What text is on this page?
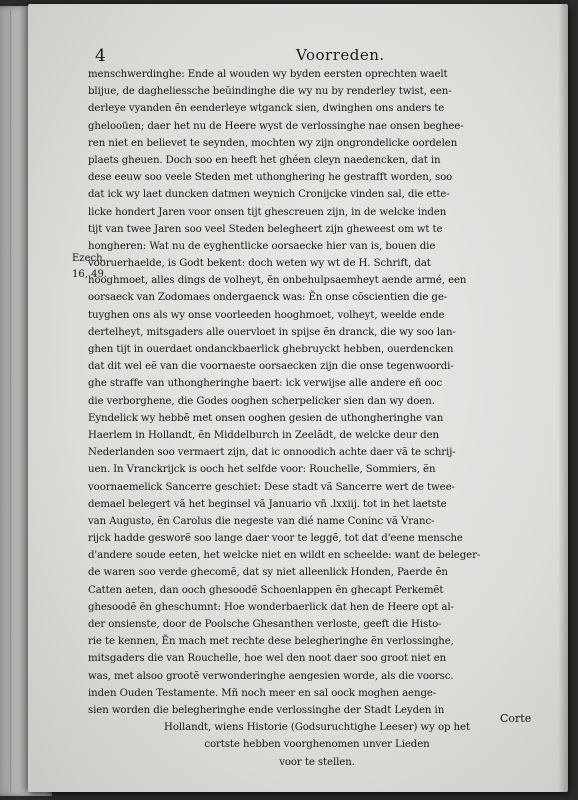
4	Voorreden.
Ezech.
16, 49.
menschwerdinghe: Ende al wouden wy byden eersten oprechten waelt
blijue, de dagheliessche beŭindinghe die wy nu by renderley twist, een-
derleye vyanden ẽn eenderleye wtganck sien, dwinghen ons anders te
ghelooüen; daer het nu de Heere wyst de verlossinghe nae onsen beghee-
ren niet en believet te seynden, mochten wy zijn ongrondelicke oordelen
plaets gheuen. Doch soo en heeft het ghéen cleyn naedencken, dat in
dese eeuw soo veele Steden met uthonghering he gestrafft worden, soo
dat ick wy laet duncken datmen weynich Cronijcke vinden sal, die ette-
licke hondert Jaren voor onsen tijt ghescreuen zijn, in de welcke inden
tijt van twee Jaren soo veel Steden belegheert zijn gheweest om wt te
hongheren: Wat nu de eyghentlicke oorsaecke hier van is, bouen die
vooruerhaelde, is Godt bekent: doch weten wy wt de H. Schrift, dat
hooghmoet, alles dings de volheyt, ẽn onbehulpsaemheyt aende armé, een
oorsaeck van Zodomaes ondergaenck was: Ẽn onse cõscientien die ge-
tuyghen ons als wy onse voorleeden hooghmoet, volheyt, weelde ende
dertelheyt, mitsgaders alle ouervloet in spijse ẽn dranck, die wy soo lan-
ghen tijt in ouerdaet ondanckbaerlick ghebruyckt hebben, ouerdencken
dat dit wel eẽ van die voornaeste oorsaecken zijn die onse tegenwoordi-
ghe straffe van uthongheringhe baert: ick verwijse alle andere eñ ooc
die verborghene, die Godes ooghen scherpelicker sien dan wy doen.
Eyndelick wy hebbẽ met onsen ooghen gesien de uthongheringhe van
Haerlem in Hollandt, ẽn Middelburch in Zeelãdt, de welcke deur den
Nederlanden soo vermaert zijn, dat ic onnoodich achte daer vã te schrij-
uen. In Vranckrijck is ooch het selfde voor: Rouchelle, Sommiers, ẽn
voornaemelick Sancerre geschiet: Dese stadt vã Sancerre wert de twee-
demael belegert vã het beginsel vã Januario vñ .lxxiij. tot in het laetste
van Augusto, ẽn Carolus die negeste van dié name Coninc vã Vranc-
rijck hadde gesworẽ soo lange daer voor te leggẽ, tot dat d'eene mensche
d'andere soude eeten, het welcke niet en wildt en scheelde: want de beleger-
de waren soo verde ghecomẽ, dat sy niet alleenlick Honden, Paerde ẽn
Catten aeten, dan ooch ghesoodẽ Schoenlappen ẽn ghecapt Perkemẽt
ghesoodẽ ẽn gheschumnt: Hoe wonderbaerlick dat hen de Heere opt al-
der onsienste, door de Poolsche Ghesanthen verloste, geeft die Histo-
rie te kennen, Ẽn mach met rechte dese belegheringhe ẽn verlossinghe,
mitsgaders die van Rouchelle, hoe wel den noot daer soo groot niet en
was, met alsoo grootẽ verwonderinghe aengesien worde, als die voorsc.
inden Ouden Testamente. Mñ noch meer en sal oock moghen aenge-
sien worden die belegheringhe ende verlossinghe der Stadt Leyden in
Hollandt, wiens Historie (Godsuruchtighe Leeser) wy op het
cortste hebben voorghenomen unver Lieden
voor te stellen.
Corte
